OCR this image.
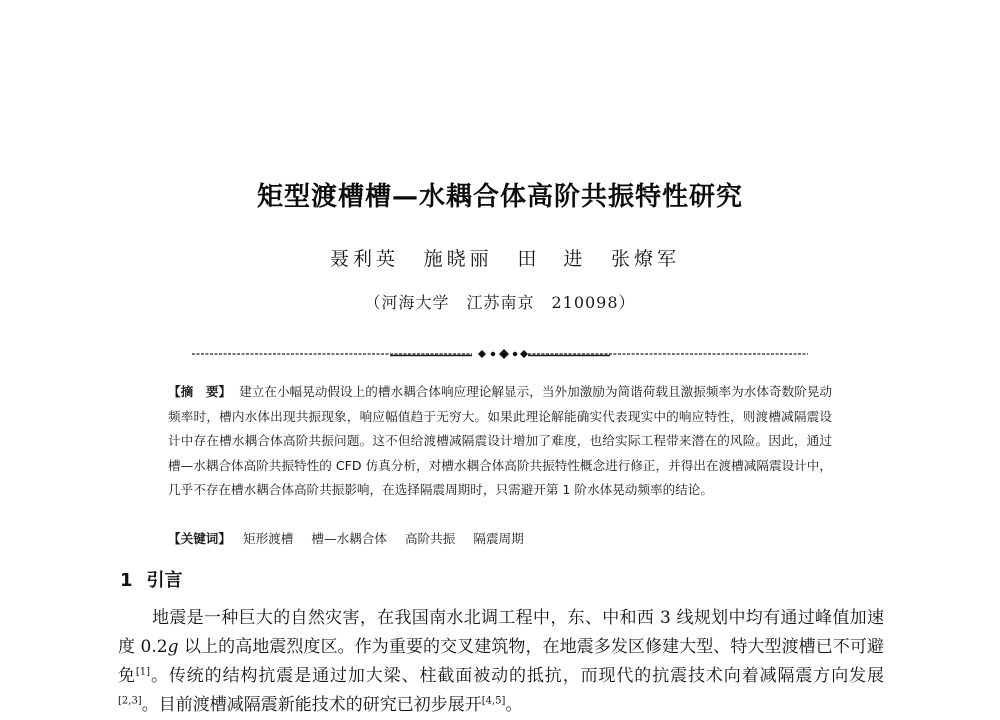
矩型渡槽槽—水耦合体高阶共振特性研究
聂利英 施晓丽 田　进 张燎军
（河海大学　江苏南京　210098）
【摘　要】 建立在小幅晃动假设上的槽水耦合体响应理论解显示，当外加激励为简谐荷载且激振频率为水体奇数阶晃动频率时，槽内水体出现共振现象，响应幅值趋于无穷大。如果此理论解能确实代表现实中的响应特性，则渡槽减隔震设计中存在槽水耦合体高阶共振问题。这不但给渡槽减隔震设计增加了难度，也给实际工程带来潜在的风险。因此，通过槽—水耦合体高阶共振特性的 CFD 仿真分析，对槽水耦合体高阶共振特性概念进行修正，并得出在渡槽减隔震设计中，几乎不存在槽水耦合体高阶共振影响，在选择隔震周期时，只需避开第 1 阶水体晃动频率的结论。
【关键词】 矩形渡槽 槽—水耦合体 高阶共振 隔震周期
1 引言

地震是一种巨大的自然灾害，在我国南水北调工程中，东、中和西 3 线规划中均有通过峰值加速度 0.2g 以上的高地震烈度区。作为重要的交叉建筑物，在地震多发区修建大型、特大型渡槽已不可避免[1]。传统的结构抗震是通过加大梁、柱截面被动的抵抗，而现代的抗震技术向着减隔震方向发展[2,3]。目前渡槽减隔震新能技术的研究已初步展开[4,5]。
